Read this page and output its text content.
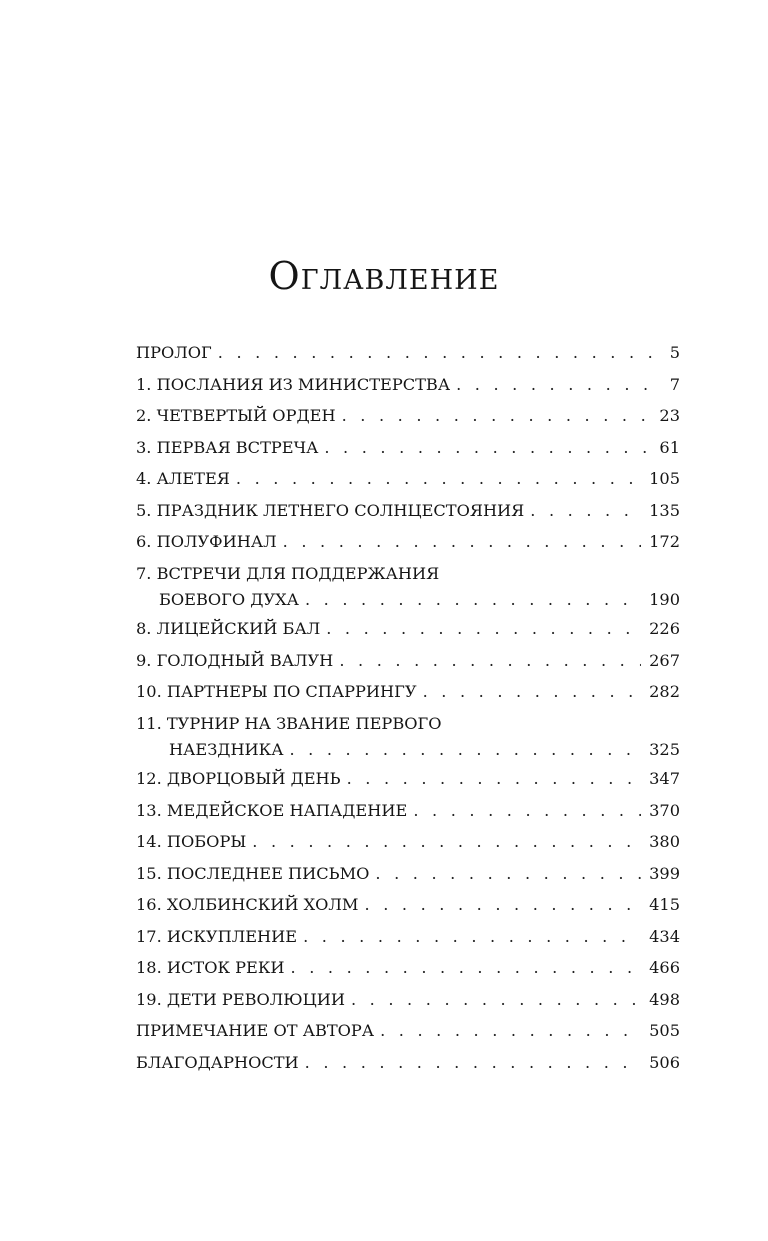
Оглавление
ПРОЛОГ . . .	5
1. ПОСЛАНИЯ ИЗ МИНИСТЕРСТВА . . .	7
2. ЧЕТВЕРТЫЙ ОРДЕН . . .	23
3. ПЕРВАЯ ВСТРЕЧА . . .	61
4. АЛЕТЕЯ . . .	105
5. ПРАЗДНИК ЛЕТНЕГО СОЛНЦЕСТОЯНИЯ . . .	135
6. ПОЛУФИНАЛ . . .	172
7. ВСТРЕЧИ ДЛЯ ПОДДЕРЖАНИЯ
БОЕВОГО ДУХА . . .	190
8. ЛИЦЕЙСКИЙ БАЛ . . .	226
9. ГОЛОДНЫЙ ВАЛУН . . .	267
10. ПАРТНЕРЫ ПО СПАРРИНГУ . . .	282
11. ТУРНИР НА ЗВАНИЕ ПЕРВОГО
НАЕЗДНИКА . . .	325
12. ДВОРЦОВЫЙ ДЕНЬ . . .	347
13. МЕДЕЙСКОЕ НАПАДЕНИЕ . . .	370
14. ПОБОРЫ . . .	380
15. ПОСЛЕДНЕЕ ПИСЬМО . . .	399
16. ХОЛБИНСКИЙ ХОЛМ . . .	415
17. ИСКУПЛЕНИЕ . . .	434
18. ИСТОК РЕКИ . . .	466
19. ДЕТИ РЕВОЛЮЦИИ . . .	498
ПРИМЕЧАНИЕ ОТ АВТОРА . . .	505
БЛАГОДАРНОСТИ . . .	506
